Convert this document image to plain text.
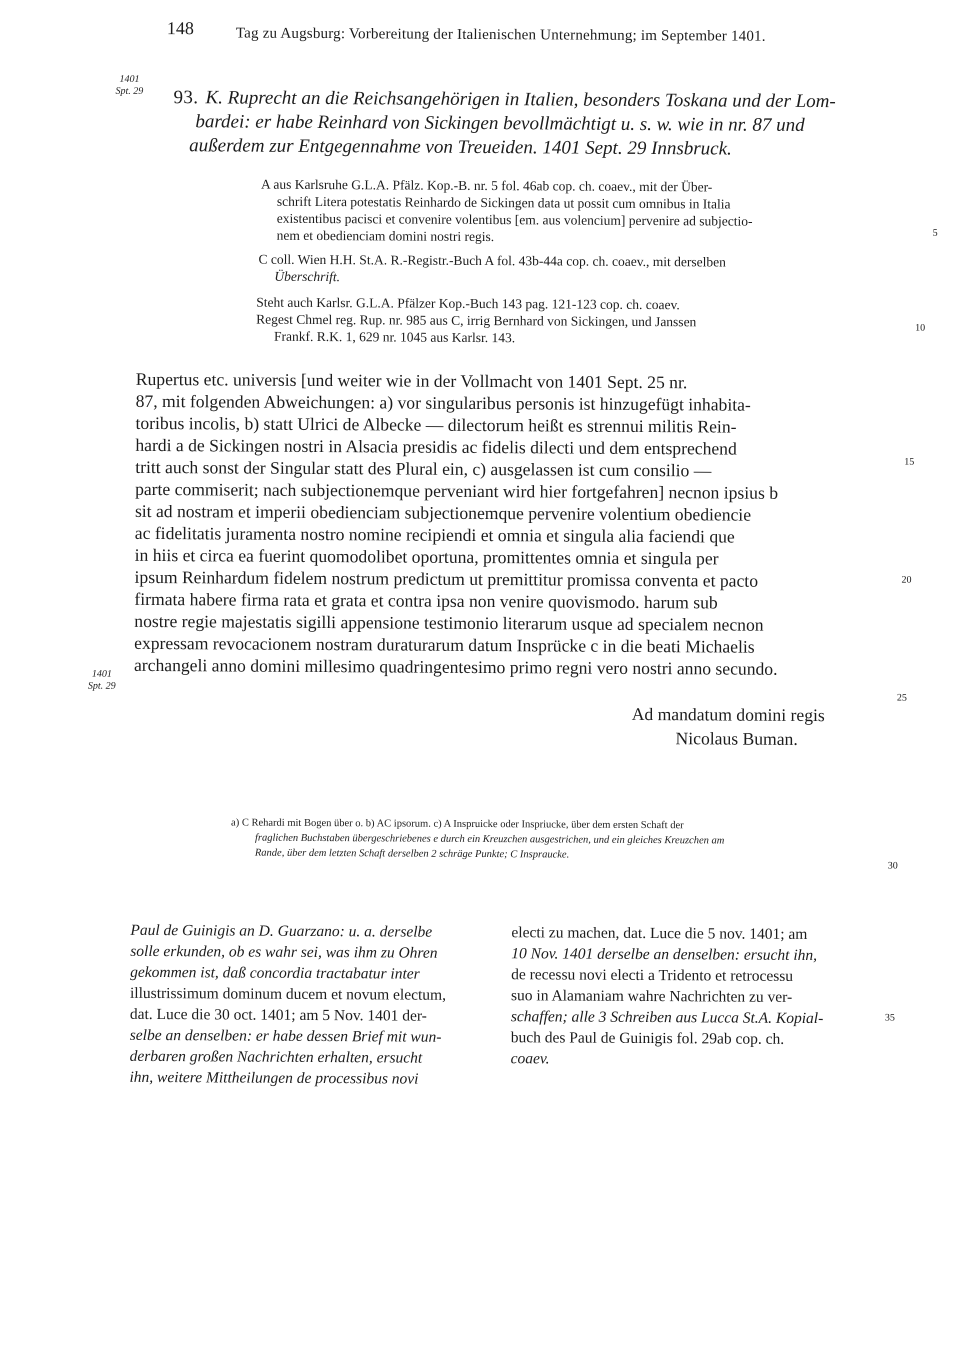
148	Tag zu Augsburg: Vorbereitung der Italienischen Unternehmung; im September 1401.
1401
Spt. 29
1401
Spt. 29
5
10
15
20
25
30
35
93. K. Ruprecht an die Reichsangehörigen in Italien, besonders Toskana und der Lom-
bardei: er habe Reinhard von Sickingen bevollmächtigt u. s. w. wie in nr. 87 und
außerdem zur Entgegennahme von Treueiden. 1401 Sept. 29 Innsbruck.
A aus Karlsruhe G.L.A. Pfälz. Kop.-B. nr. 5 fol. 46ab cop. ch. coaev., mit der Über-
schrift Litera potestatis Reinhardo de Sickingen data ut possit cum omnibus in Italia
existentibus pacisci et convenire volentibus [em. aus volencium] pervenire ad subjectio-
nem et obedienciam domini nostri regis.
C coll. Wien H.H. St.A. R.-Registr.-Buch A fol. 43b-44a cop. ch. coaev., mit derselben
Überschrift.
Steht auch Karlsr. G.L.A. Pfälzer Kop.-Buch 143 pag. 121-123 cop. ch. coaev.
Regest Chmel reg. Rup. nr. 985 aus C, irrig Bernhard von Sickingen, und Janssen
Frankf. R.K. 1, 629 nr. 1045 aus Karlsr. 143.
Rupertus etc. universis [und weiter wie in der Vollmacht von 1401 Sept. 25 nr.
87, mit folgenden Abweichungen: a) vor singularibus personis ist hinzugefügt inhabita-
toribus incolis, b) statt Ulrici de Albecke — dilectorum heißt es strennui militis Rein-
hardi a de Sickingen nostri in Alsacia presidis ac fidelis dilecti und dem entsprechend
tritt auch sonst der Singular statt des Plural ein, c) ausgelassen ist cum consilio —
parte commiserit; nach subjectionemque perveniant wird hier fortgefahren] necnon ipsius b
sit ad nostram et imperii obedienciam subjectionemque pervenire volentium obediencie
ac fidelitatis juramenta nostro nomine recipiendi et omnia et singula alia faciendi que
in hiis et circa ea fuerint quomodolibet oportuna, promittentes omnia et singula per
ipsum Reinhardum fidelem nostrum predictum ut premittitur promissa conventa et pacto
firmata habere firma rata et grata et contra ipsa non venire quovismodo. harum sub
nostre regie majestatis sigilli appensione testimonio literarum usque ad specialem necnon
expressam revocacionem nostram duraturarum datum Insprücke c in die beati Michaelis
archangeli anno domini millesimo quadringentesimo primo regni vero nostri anno secundo.
Ad mandatum domini regis
Nicolaus Buman.
a) C Rehardi mit Bogen über o. b) AC ipsorum. c) A Inspruicke oder Inspriucke, über dem ersten Schaft der
fraglichen Buchstaben übergeschriebenes e durch ein Kreuzchen ausgestrichen, und ein gleiches Kreuzchen am
Rande, über dem letzten Schaft derselben 2 schräge Punkte; C Inspraucke.
Paul de Guinigis an D. Guarzano: u. a. derselbe
solle erkunden, ob es wahr sei, was ihm zu Ohren
gekommen ist, daß concordia tractabatur inter
illustrissimum dominum ducem et novum electum,
dat. Luce die 30 oct. 1401; am 5 Nov. 1401 der-
selbe an denselben: er habe dessen Brief mit wun-
derbaren großen Nachrichten erhalten, ersucht
ihn, weitere Mittheilungen de processibus novi
electi zu machen, dat. Luce die 5 nov. 1401; am
10 Nov. 1401 derselbe an denselben: ersucht ihn,
de recessu novi electi a Tridento et retrocessu
suo in Alamaniam wahre Nachrichten zu ver-
schaffen; alle 3 Schreiben aus Lucca St.A. Kopial-
buch des Paul de Guinigis fol. 29ab cop. ch.
coaev.
